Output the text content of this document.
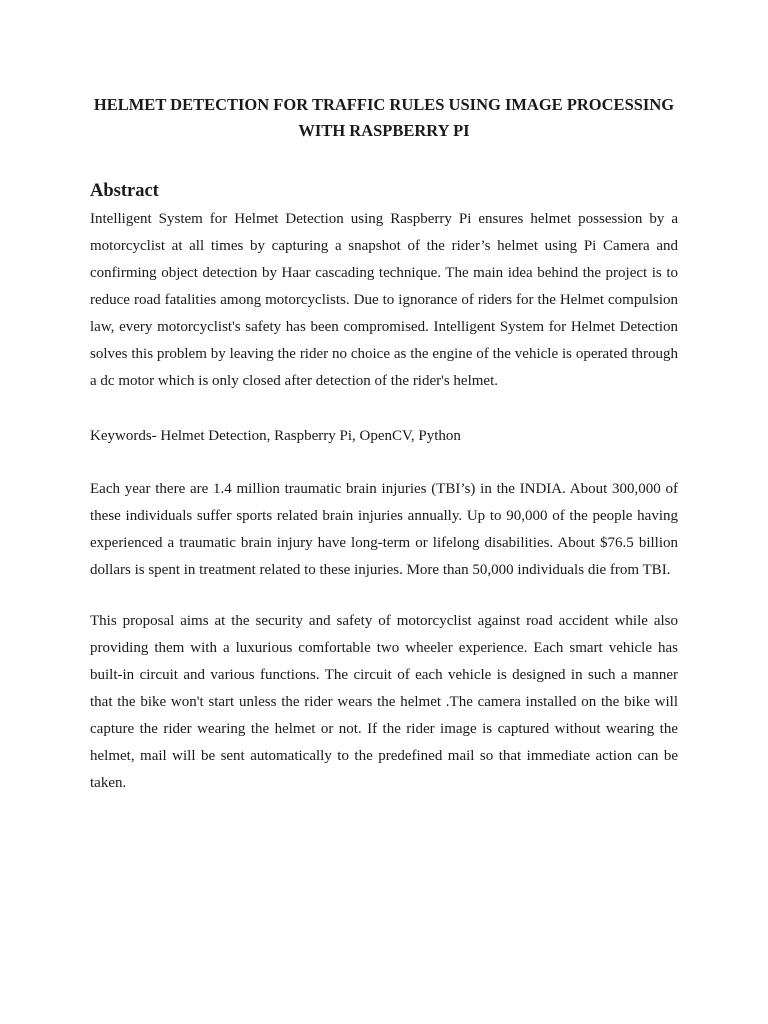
HELMET DETECTION FOR TRAFFIC RULES USING IMAGE PROCESSING WITH RASPBERRY PI
Abstract

Intelligent System for Helmet Detection using Raspberry Pi ensures helmet possession by a motorcyclist at all times by capturing a snapshot of the rider’s helmet using Pi Camera and confirming object detection by Haar cascading technique. The main idea behind the project is to reduce road fatalities among motorcyclists. Due to ignorance of riders for the Helmet compulsion law, every motorcyclist's safety has been compromised. Intelligent System for Helmet Detection solves this problem by leaving the rider no choice as the engine of the vehicle is operated through a dc motor which is only closed after detection of the rider's helmet.

Keywords- Helmet Detection, Raspberry Pi, OpenCV, Python

Each year there are 1.4 million traumatic brain injuries (TBI’s) in the INDIA. About 300,000 of these individuals suffer sports related brain injuries annually. Up to 90,000 of the people having experienced a traumatic brain injury have long-term or lifelong disabilities. About $76.5 billion dollars is spent in treatment related to these injuries. More than 50,000 individuals die from TBI.

This proposal aims at the security and safety of motorcyclist against road accident while also providing them with a luxurious comfortable two wheeler experience. Each smart vehicle has built-in circuit and various functions. The circuit of each vehicle is designed in such a manner that the bike won't start unless the rider wears the helmet .The camera installed on the bike will capture the rider wearing the helmet or not. If the rider image is captured without wearing the helmet, mail will be sent automatically to the predefined mail so that immediate action can be taken.
